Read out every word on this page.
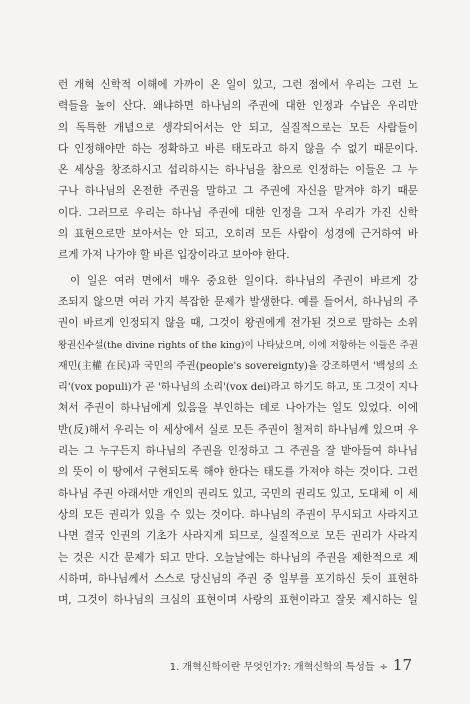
런 개혁 신학적 이해에 가까이 온 일이 있고, 그런 점에서 우리는 그런 노
력들을 높이 산다. 왜냐하면 하나님의 주권에 대한 인정과 수납은 우리만
의 독특한 개념으로 생각되어서는 안 되고, 실질적으로는 모든 사람들이
다 인정해야만 하는 정확하고 바른 태도라고 하지 않을 수 없기 때문이다.
온 세상을 창조하시고 섭리하시는 하나님을 참으로 인정하는 이들은 그 누
구나 하나님의 온전한 주권을 말하고 그 주권에 자신을 맡겨야 하기 때문
이다. 그러므로 우리는 하나님 주권에 대한 인정을 그저 우리가 가진 신학
의 표현으로만 보아서는 안 되고, 오히려 모든 사람이 성경에 근거하여 바
르게 가져 나가야 할 바른 입장이라고 보아야 한다.
이 일은 여러 면에서 매우 중요한 일이다. 하나님의 주권이 바르게 강
조되지 않으면 여러 가지 복잡한 문제가 발생한다. 예를 들어서, 하나님의 주
권이 바르게 인정되지 않을 때, 그것이 왕권에게 전가된 것으로 말하는 소위
왕권신수설(the divine rights of the king)이 나타났으며, 이에 저항하는 이들은 주권
재민(主權 在民)과 국민의 주권(people's sovereignty)을 강조하면서 '백성의 소
리'(vox populi)가 곧 '하나님의 소리'(vox dei)라고 하기도 하고, 또 그것이 지나
쳐서 주권이 하나님에게 있음을 부인하는 데로 나아가는 일도 있었다. 이에
반(反)해서 우리는 이 세상에서 실로 모든 주권이 철저히 하나님께 있으며 우
리는 그 누구든지 하나님의 주권을 인정하고 그 주권을 잘 받아들여 하나님
의 뜻이 이 땅에서 구현되도록 해야 한다는 태도를 가져야 하는 것이다. 그런
하나님 주권 아래서만 개인의 권리도 있고, 국민의 권리도 있고, 도대체 이 세
상의 모든 권리가 있을 수 있는 것이다. 하나님의 주권이 무시되고 사라지고
나면 결국 인권의 기초가 사라지게 되므로, 실질적으로 모든 권리가 사라지
는 것은 시간 문제가 되고 만다. 오늘날에는 하나님의 주권을 제한적으로 제
시하며, 하나님께서 스스로 당신님의 주권 중 일부를 포기하신 듯이 표현하
며, 그것이 하나님의 크심의 표현이며 사랑의 표현이라고 잘못 제시하는 일
1. 개혁신학이란 무엇인가?: 개혁신학의 특성들 ÷ 17
